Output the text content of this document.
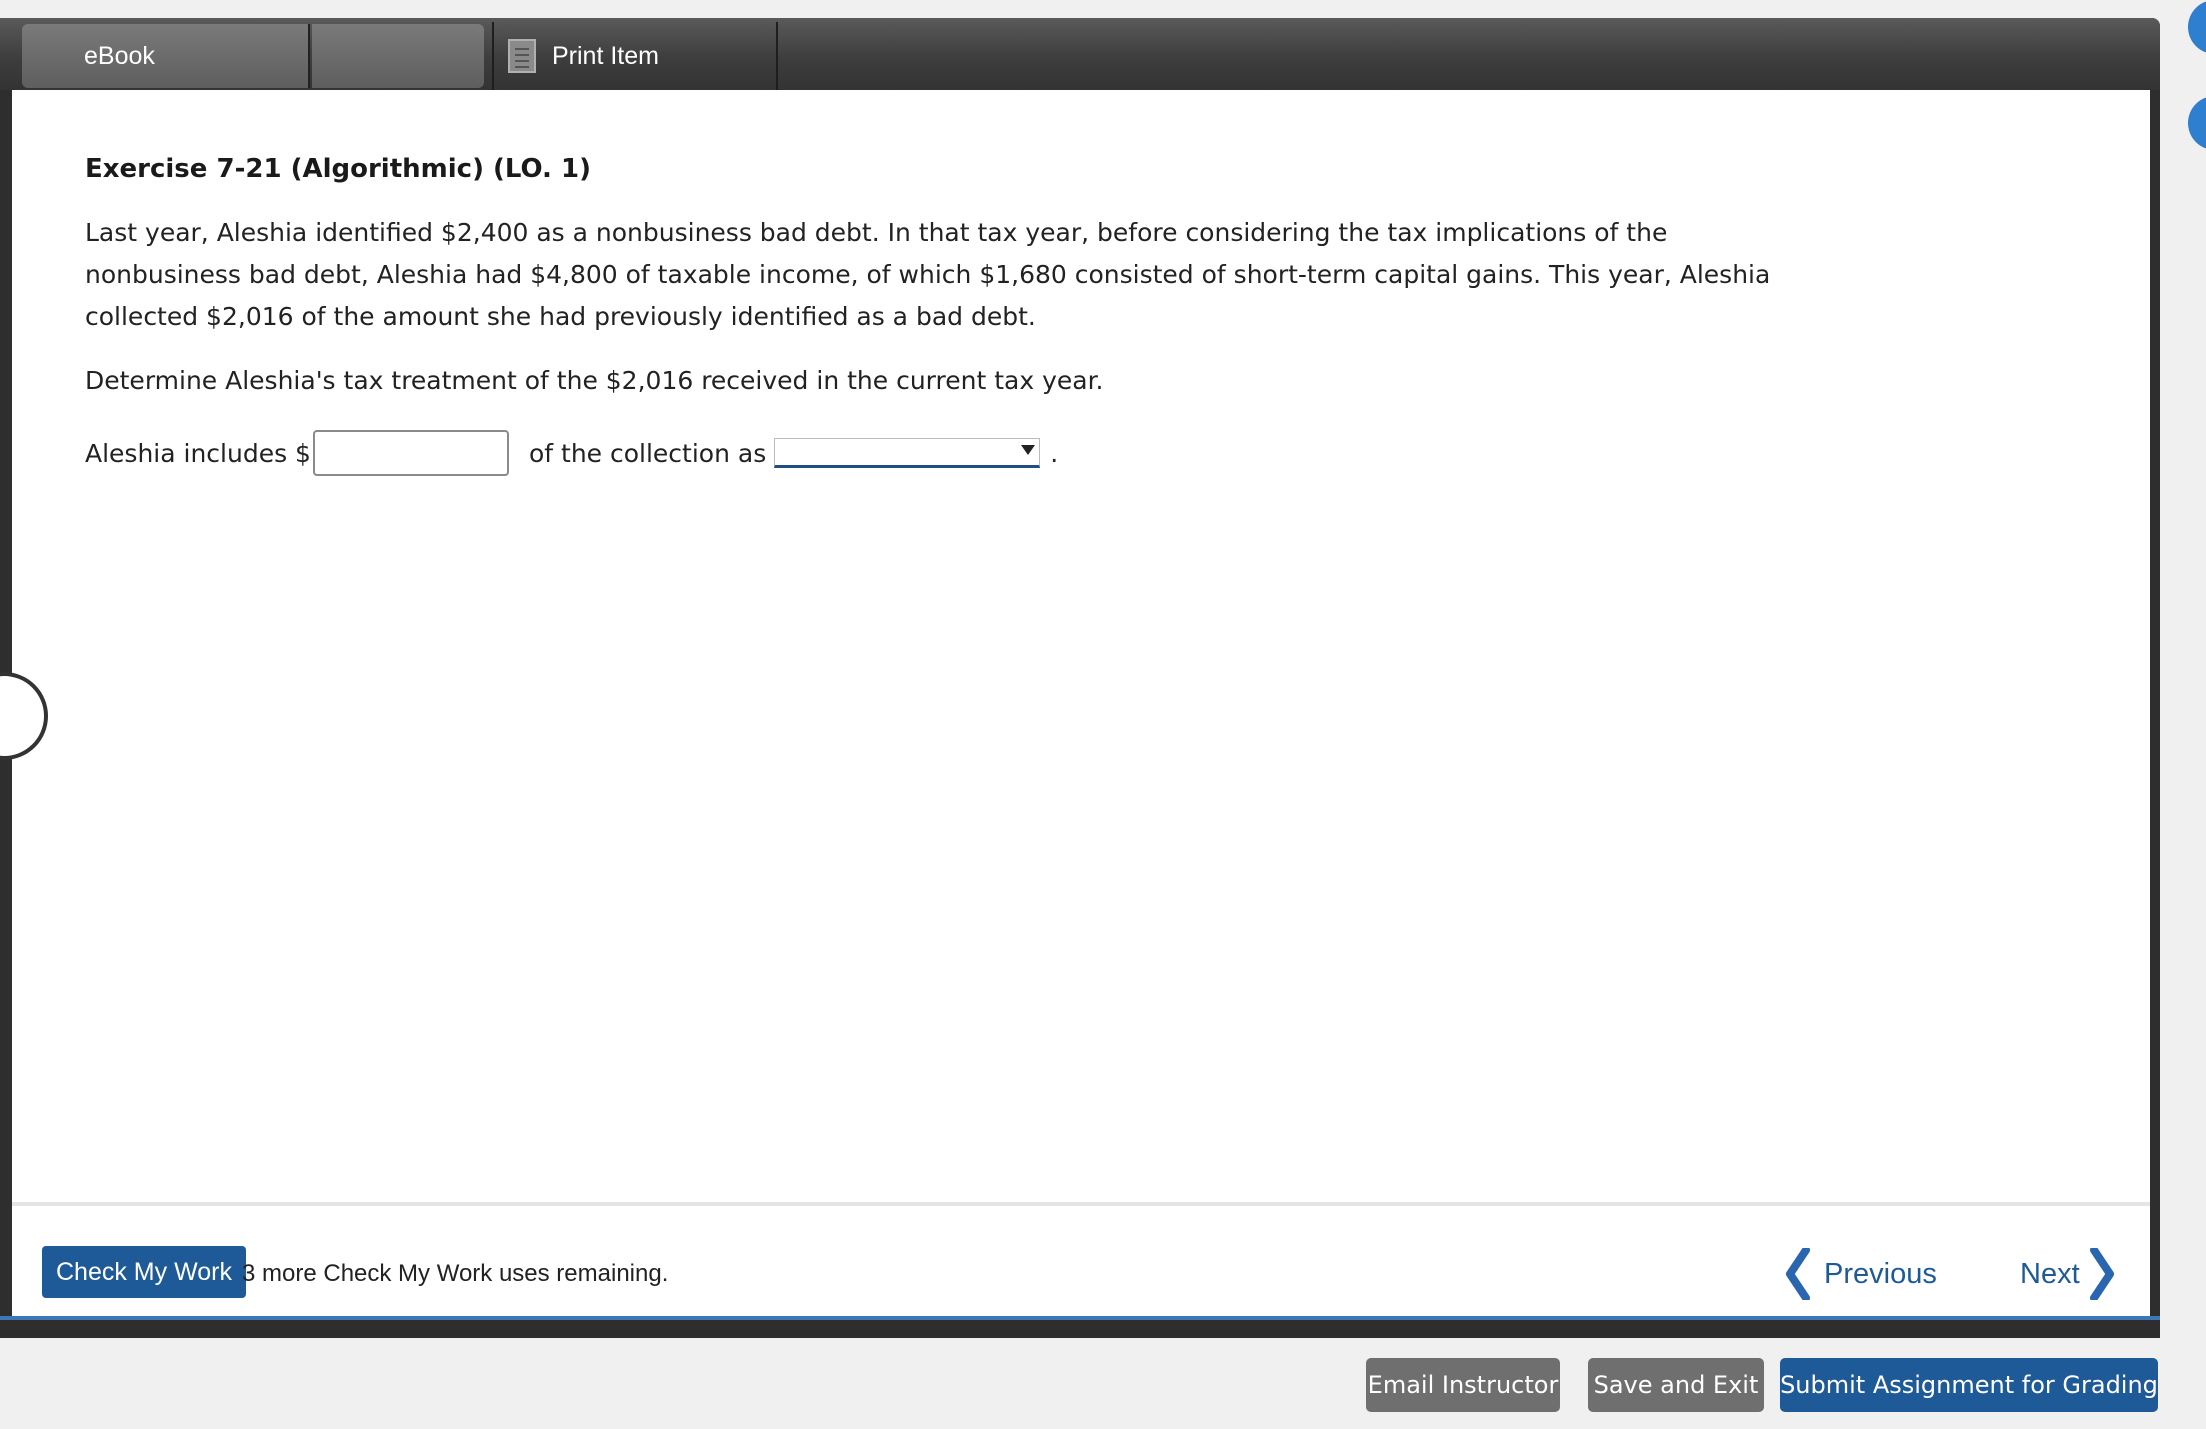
eBook	Print Item
Exercise 7-21 (Algorithmic) (LO. 1)
Last year, Aleshia identified $2,400 as a nonbusiness bad debt. In that tax year, before considering the tax implications of the nonbusiness bad debt, Aleshia had $4,800 of taxable income, of which $1,680 consisted of short-term capital gains. This year, Aleshia collected $2,016 of the amount she had previously identified as a bad debt.
Determine Aleshia's tax treatment of the $2,016 received in the current tax year.
Aleshia includes $	of the collection as	.
Check My Work 3 more Check My Work uses remaining.	Previous	Next
Email Instructor Save and Exit Submit Assignment for Grading
